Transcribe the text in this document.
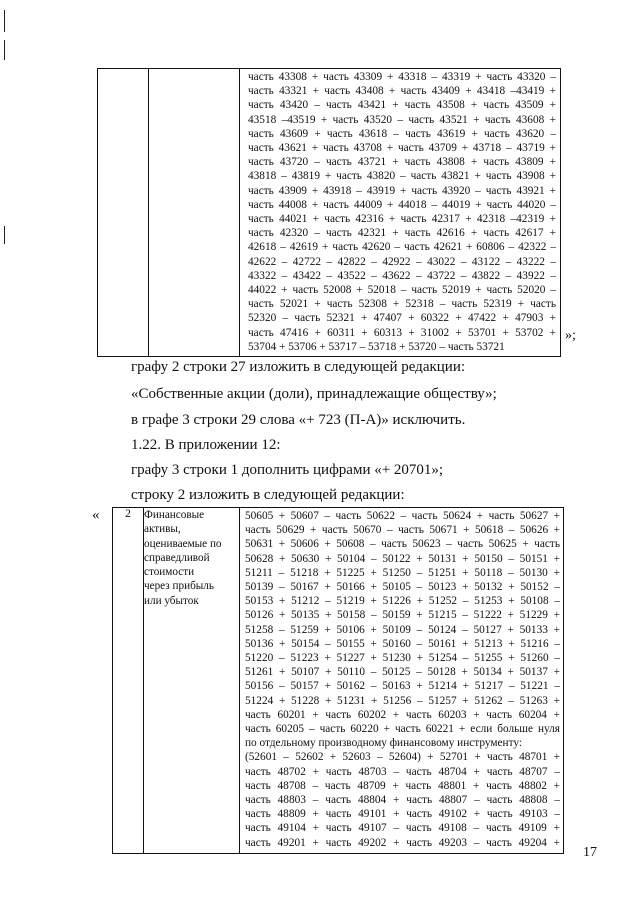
часть 43308 + часть 43309 + 43318 – 43319 + часть 43320 –
часть 43321 + часть 43408 + часть 43409 + 43418 –43419 +
часть 43420 – часть 43421 + часть 43508 + часть 43509 +
43518 –43519 + часть 43520 – часть 43521 + часть 43608 +
часть 43609 + часть 43618 – часть 43619 + часть 43620 –
часть 43621 + часть 43708 + часть 43709 + 43718 – 43719 +
часть 43720 – часть 43721 + часть 43808 + часть 43809 +
43818 – 43819 + часть 43820 – часть 43821 + часть 43908 +
часть 43909 + 43918 – 43919 + часть 43920 – часть 43921 +
часть 44008 + часть 44009 + 44018 – 44019 + часть 44020 –
часть 44021 + часть 42316 + часть 42317 + 42318 –42319 +
часть 42320 – часть 42321 + часть 42616 + часть 42617 +
42618 – 42619 + часть 42620 – часть 42621 + 60806 – 42322 –
42622 – 42722 – 42822 – 42922 – 43022 – 43122 – 43222 –
43322 – 43422 – 43522 – 43622 – 43722 – 43822 – 43922 –
44022 + часть 52008 + 52018 – часть 52019 + часть 52020 –
часть 52021 + часть 52308 + 52318 – часть 52319 + часть
52320 – часть 52321 + 47407 + 60322 + 47422 + 47903 +
часть 47416 + 60311 + 60313 + 31002 + 53701 + 53702 +
53704 + 53706 + 53717 – 53718 + 53720 – часть 53721
»;
графу 2 строки 27 изложить в следующей редакции:
«Собственные акции (доли), принадлежащие обществу»;
в графе 3 строки 29 слова «+ 723 (П-А)» исключить.
1.22. В приложении 12:
графу 3 строки 1 дополнить цифрами «+ 20701»;
строку 2 изложить в следующей редакции:
« 2	Финансовые
активы,
оцениваемые по
справедливой
стоимости
через прибыль
или убыток

50605 + 50607 – часть 50622 – часть 50624 + часть 50627 +
часть 50629 + часть 50670 – часть 50671 + 50618 – 50626 +
50631 + 50606 + 50608 – часть 50623 – часть 50625 + часть
50628 + 50630 + 50104 – 50122 + 50131 + 50150 – 50151 +
51211 – 51218 + 51225 + 51250 – 51251 + 50118 – 50130 +
50139 – 50167 + 50166 + 50105 – 50123 + 50132 + 50152 –
50153 + 51212 – 51219 + 51226 + 51252 – 51253 + 50108 –
50126 + 50135 + 50158 – 50159 + 51215 – 51222 + 51229 +
51258 – 51259 + 50106 + 50109 – 50124 – 50127 + 50133 +
50136 + 50154 – 50155 + 50160 – 50161 + 51213 + 51216 –
51220 – 51223 + 51227 + 51230 + 51254 – 51255 + 51260 –
51261 + 50107 + 50110 – 50125 – 50128 + 50134 + 50137 +
50156 – 50157 + 50162 – 50163 + 51214 + 51217 – 51221 –
51224 + 51228 + 51231 + 51256 – 51257 + 51262 – 51263 +
часть 60201 + часть 60202 + часть 60203 + часть 60204 +
часть 60205 – часть 60220 + часть 60221 + если больше нуля
по отдельному производному финансовому инструменту:
(52601 – 52602 + 52603 – 52604) + 52701 + часть 48701 +
часть 48702 + часть 48703 – часть 48704 + часть 48707 –
часть 48708 – часть 48709 + часть 48801 + часть 48802 +
часть 48803 – часть 48804 + часть 48807 – часть 48808 –
часть 48809 + часть 49101 + часть 49102 + часть 49103 –
часть 49104 + часть 49107 – часть 49108 – часть 49109 +
часть 49201 + часть 49202 + часть 49203 – часть 49204 +
17
